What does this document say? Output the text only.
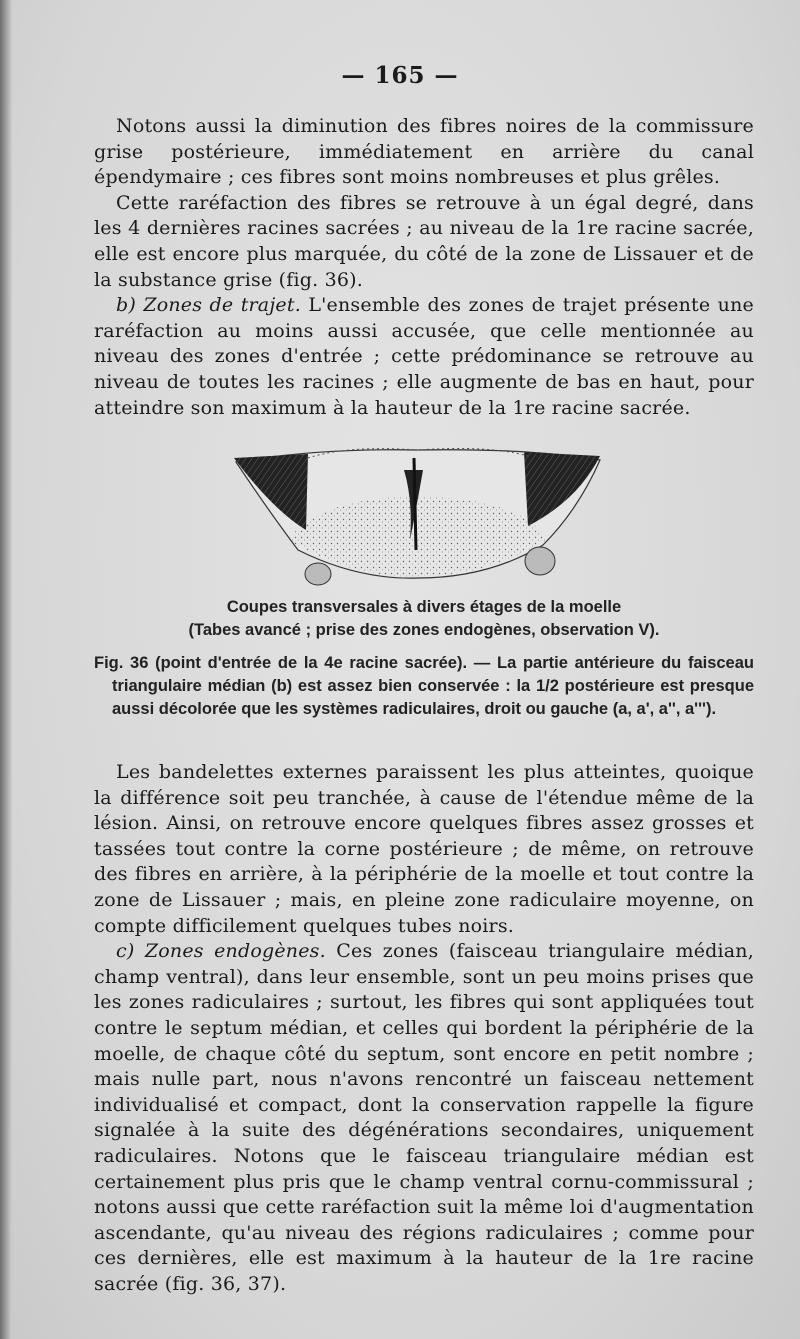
— 165 —

Notons aussi la diminution des fibres noires de la commissure grise postérieure, immédiatement en arrière du canal épendymaire ; ces fibres sont moins nombreuses et plus grêles.

Cette raréfaction des fibres se retrouve à un égal degré, dans les 4 dernières racines sacrées ; au niveau de la 1re racine sacrée, elle est encore plus marquée, du côté de la zone de Lissauer et de la substance grise (fig. 36).

b) Zones de trajet. L'ensemble des zones de trajet présente une raréfaction au moins aussi accusée, que celle mentionnée au niveau des zones d'entrée ; cette prédominance se retrouve au niveau de toutes les racines ; elle augmente de bas en haut, pour atteindre son maximum à la hauteur de la 1re racine sacrée.

Coupes transversales à divers étages de la moelle
(Tabes avancé ; prise des zones endogènes, observation V).
Fig. 36 (point d'entrée de la 4e racine sacrée). — La partie antérieure du faisceau triangulaire médian (b) est assez bien conservée : la 1/2 postérieure est presque aussi décolorée que les systèmes radiculaires, droit ou gauche (a, a', a'', a''').

Les bandelettes externes paraissent les plus atteintes, quoique la différence soit peu tranchée, à cause de l'étendue même de la lésion. Ainsi, on retrouve encore quelques fibres assez grosses et tassées tout contre la corne postérieure ; de même, on retrouve des fibres en arrière, à la périphérie de la moelle et tout contre la zone de Lissauer ; mais, en pleine zone radiculaire moyenne, on compte difficilement quelques tubes noirs.

c) Zones endogènes. Ces zones (faisceau triangulaire médian, champ ventral), dans leur ensemble, sont un peu moins prises que les zones radiculaires ; surtout, les fibres qui sont appliquées tout contre le septum médian, et celles qui bordent la périphérie de la moelle, de chaque côté du septum, sont encore en petit nombre ; mais nulle part, nous n'avons rencontré un faisceau nettement individualisé et compact, dont la conservation rappelle la figure signalée à la suite des dégénérations secondaires, uniquement radiculaires. Notons que le faisceau triangulaire médian est certainement plus pris que le champ ventral cornu-commissural ; notons aussi que cette raréfaction suit la même loi d'augmentation ascendante, qu'au niveau des régions radiculaires ; comme pour ces dernières, elle est maximum à la hauteur de la 1re racine sacrée (fig. 36, 37).
